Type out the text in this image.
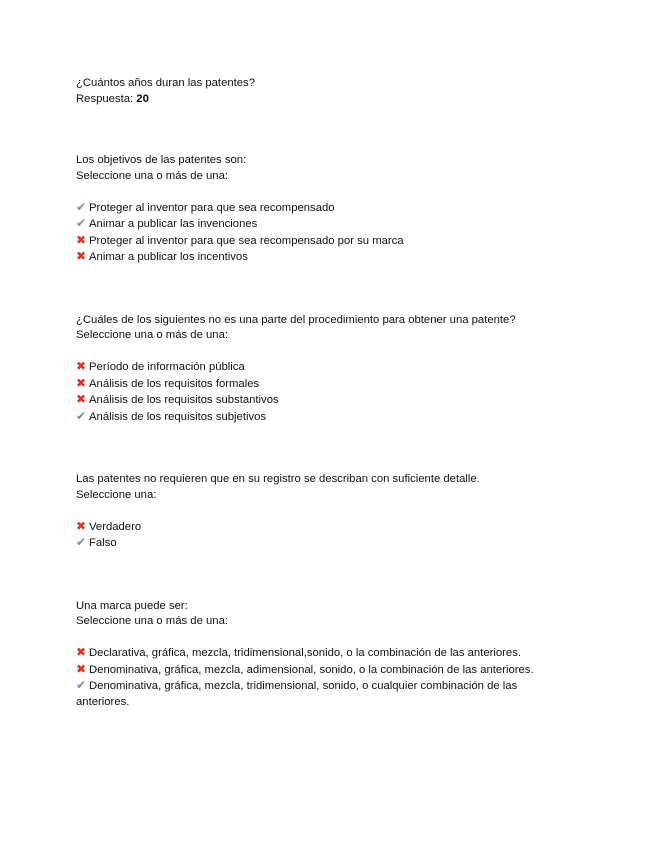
¿Cuántos años duran las patentes?
Respuesta: 20
Los objetivos de las patentes son:
Seleccione una o más de una:
✔ Proteger al inventor para que sea recompensado
✔ Animar a publicar las invenciones
✖ Proteger al inventor para que sea recompensado por su marca
✖ Animar a publicar los incentivos
¿Cuáles de los siguientes no es una parte del procedimiento para obtener una patente?
Seleccione una o más de una:
✖ Período de información pública
✖ Análisis de los requisitos formales
✖ Análisis de los requisitos substantivos
✔ Análisis de los requisitos subjetivos
Las patentes no requieren que en su registro se describan con suficiente detalle.
Seleccione una:
✖ Verdadero
✔ Falso
Una marca puede ser:
Seleccione una o más de una:
✖ Declarativa, gráfica, mezcla, tridimensional,sonido, o la combinación de las anteriores.
✖ Denominativa, gráfica, mezcla, adimensional, sonido, o la combinación de las anteriores.
✔ Denominativa, gráfica, mezcla, tridimensional, sonido, o cualquier combinación de las anteriores.
